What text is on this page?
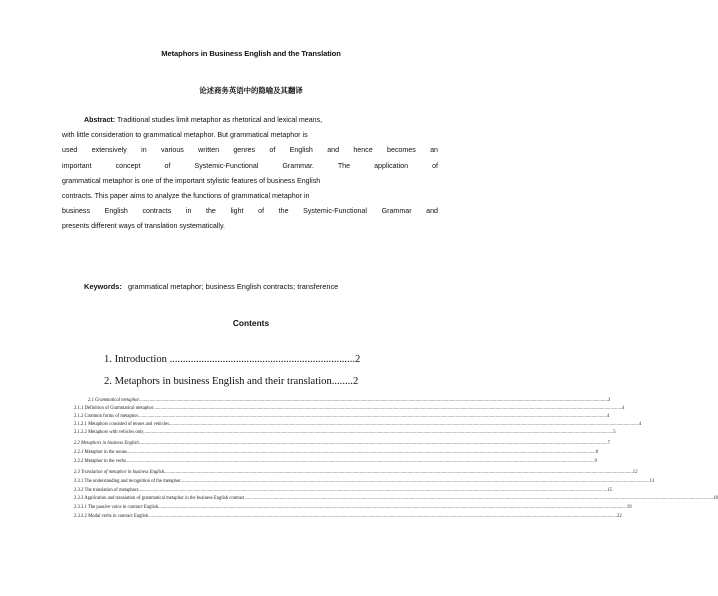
Metaphors in Business English and the Translation
论述商务英语中的隐喻及其翻译
Abstract: Traditional studies limit metaphor as rhetorical and lexical means,
with little consideration to grammatical metaphor. But grammatical metaphor is
used extensively in various written genres of English and hence becomes an
important concept of Systemic-Functional Grammar. The application of
grammatical metaphor is one of the important stylistic features of business English
contracts. This paper aims to analyze the functions of grammatical metaphor in
business English contracts in the light of the Systemic-Functional Grammar and
presents different ways of translation systematically.
Keywords: grammatical metaphor; business English contracts; transference
Contents
1. Introduction ......................................................................2
2. Metaphors in business English and their translation........2
2.1 Grammatical metaphor ................................................................................................................................................................................................................................................................................................................................................................................................................ 3
2.1.1 Definition of Grammatical metaphor ................................................................................................................................................................................................................................................................................................................................................................................................................ 4
2.1.2 Common forms of metaphor ................................................................................................................................................................................................................................................................................................................................................................................................................ 4
2.1.2.1 Metaphors consisted of tenses and vehicles. ................................................................................................................................................................................................................................................................................................................................................................................................................ 4
2.1.2.2 Metaphors with vehicles only. ................................................................................................................................................................................................................................................................................................................................................................................................................ 5
2.2 Metaphors in business English ................................................................................................................................................................................................................................................................................................................................................................................................................ 7
2.2.1 Metaphor in the nouns ................................................................................................................................................................................................................................................................................................................................................................................................................ 8
2.2.2 Metaphor in the verbs ................................................................................................................................................................................................................................................................................................................................................................................................................ 9
2.3 Translation of metaphor in business English ................................................................................................................................................................................................................................................................................................................................................................................................................ 12
2.3.1 The understanding and recognition of the metaphor ................................................................................................................................................................................................................................................................................................................................................................................................................ 13
2.3.2 The translation of metaphors ................................................................................................................................................................................................................................................................................................................................................................................................................ 15
2.3.3 Application and translation of grammatical metaphor in the business English contract ................................................................................................................................................................................................................................................................................................................................................................................................................ 18
2.3.3.1 The passive voice in contract English ................................................................................................................................................................................................................................................................................................................................................................................................................ 19
2.3.3.2 Modal verbs in contract English ................................................................................................................................................................................................................................................................................................................................................................................................................ 22
